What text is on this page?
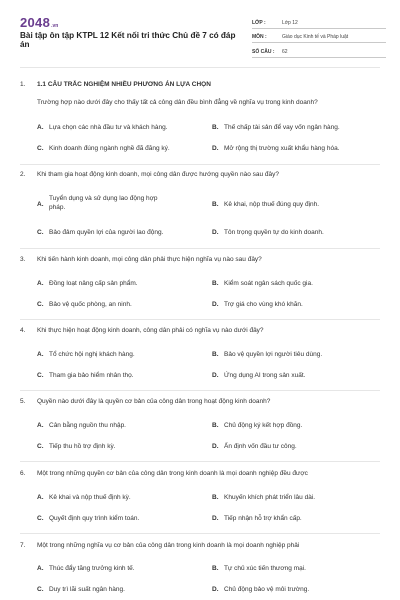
2048.vn
Bài tập ôn tập KTPL 12 Kết nối tri thức Chủ đề 7 có đáp án
LỚP :	Lớp 12
MÔN :	Giáo dục Kinh tế và Pháp luật
SỐ CÂU :	62
1. 1.1 CÂU TRẮC NGHIỆM NHIỀU PHƯƠNG ÁN LỰA CHỌN
Trường hợp nào dưới đây cho thấy tất cả công dân đều bình đẳng về nghĩa vụ trong kinh doanh?
A. Lựa chọn các nhà đầu tư và khách hàng.	B. Thế chấp tài sản để vay vốn ngân hàng.
C. Kinh doanh đúng ngành nghề đã đăng ký.	D. Mở rộng thị trường xuất khẩu hàng hóa.
2. Khi tham gia hoạt động kinh doanh, mọi công dân được hướng quyền nào sau đây?
A.
Tuyển dụng và sử dụng lao động hợp pháp.	B. Kê khai, nộp thuế đúng quy định.
C. Bảo đảm quyền lợi của người lao động.	D. Tôn trọng quyền tự do kinh doanh.
3. Khi tiến hành kinh doanh, mọi công dân phải thực hiện nghĩa vụ nào sau đây?
A. Đồng loạt nâng cấp sản phẩm.	B. Kiểm soát ngân sách quốc gia.
C. Bảo vệ quốc phòng, an ninh.	D. Trợ giá cho vùng khó khăn.
4. Khi thực hiện hoạt động kinh doanh, công dân phải có nghĩa vụ nào dưới đây?
A. Tổ chức hội nghị khách hàng.	B. Bảo vệ quyền lợi người tiêu dùng.
C. Tham gia bảo hiểm nhân thọ.	D. Ứng dụng AI trong sản xuất.
5. Quyền nào dưới đây là quyền cơ bản của công dân trong hoạt động kinh doanh?
A. Cân bằng nguồn thu nhập.	B. Chủ động ký kết hợp đồng.
C. Tiếp thu hồ trợ định kỳ.	D. Ấn định vốn đầu tư công.
6. Một trong những quyền cơ bản của công dân trong kinh doanh là mọi doanh nghiệp đều được
A. Kê khai và nộp thuế định kỳ.	B. Khuyến khích phát triển lâu dài.
C. Quyết định quy trình kiểm toán.	D. Tiếp nhận hỗ trợ khẩn cấp.
7. Một trong những nghĩa vụ cơ bản của công dân trong kinh doanh là mọi doanh nghiệp phải
A. Thúc đẩy tăng trưởng kinh tế.	B. Tự chủ xúc tiến thương mại.
C. Duy trì lãi suất ngân hàng.	D. Chủ động bảo vệ môi trường.
